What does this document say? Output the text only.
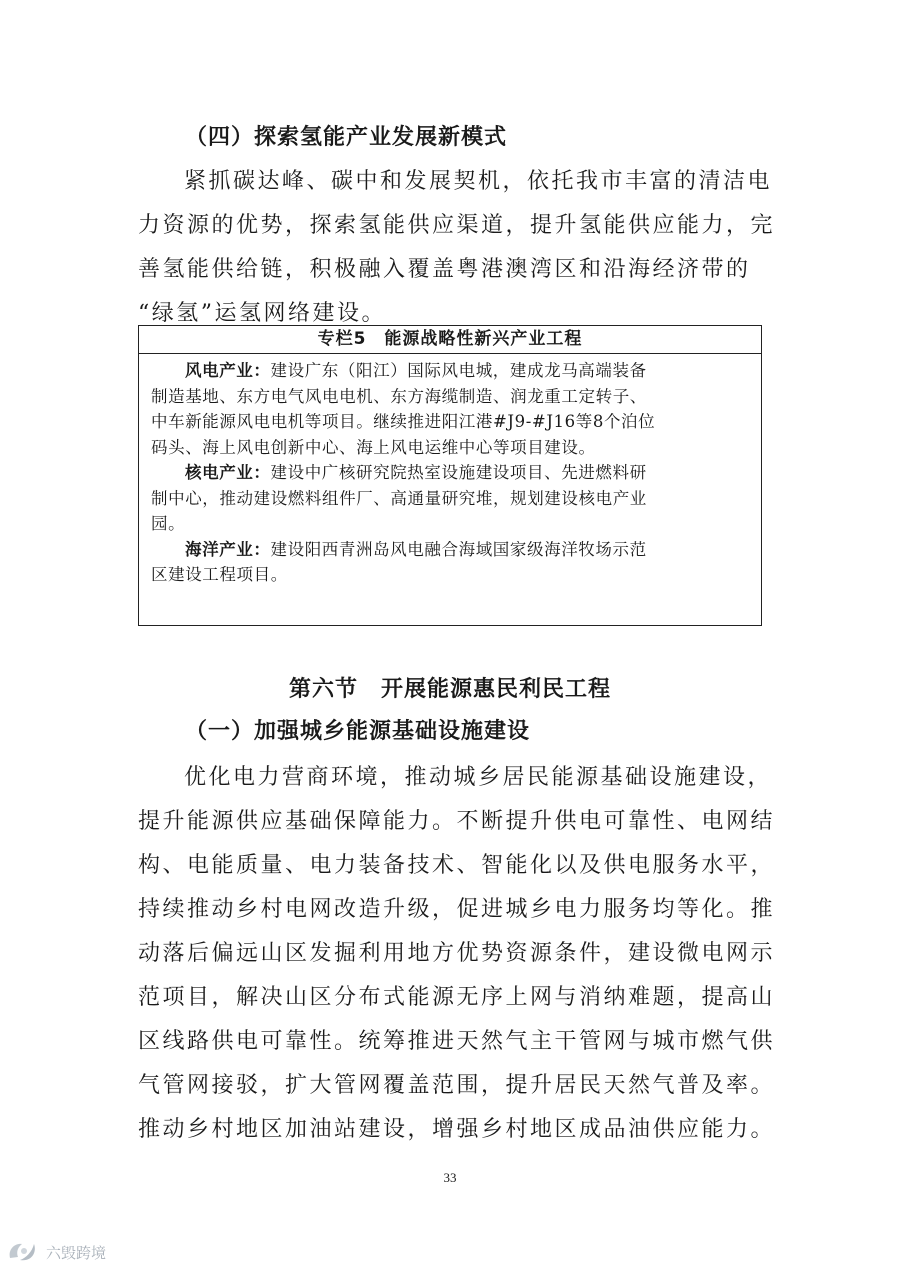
（四）探索氢能产业发展新模式
紧抓碳达峰、碳中和发展契机，依托我市丰富的清洁电
力资源的优势，探索氢能供应渠道，提升氢能供应能力，完
善氢能供给链，积极融入覆盖粤港澳湾区和沿海经济带的
“绿氢”运氢网络建设。
专栏5　能源战略性新兴产业工程
风电产业：建设广东（阳江）国际风电城，建成龙马高端装备
制造基地、东方电气风电电机、东方海缆制造、润龙重工定转子、
中车新能源风电电机等项目。继续推进阳江港#J9-#J16等8个泊位
码头、海上风电创新中心、海上风电运维中心等项目建设。
核电产业：建设中广核研究院热室设施建设项目、先进燃料研
制中心，推动建设燃料组件厂、高通量研究堆，规划建设核电产业
园。
海洋产业：建设阳西青洲岛风电融合海域国家级海洋牧场示范
区建设工程项目。
第六节　开展能源惠民利民工程
（一）加强城乡能源基础设施建设
优化电力营商环境，推动城乡居民能源基础设施建设，
提升能源供应基础保障能力。不断提升供电可靠性、电网结
构、电能质量、电力装备技术、智能化以及供电服务水平，
持续推动乡村电网改造升级，促进城乡电力服务均等化。推
动落后偏远山区发掘利用地方优势资源条件，建设微电网示
范项目，解决山区分布式能源无序上网与消纳难题，提高山
区线路供电可靠性。统筹推进天然气主干管网与城市燃气供
气管网接驳，扩大管网覆盖范围，提升居民天然气普及率。
推动乡村地区加油站建设，增强乡村地区成品油供应能力。
33
六毁跨境
